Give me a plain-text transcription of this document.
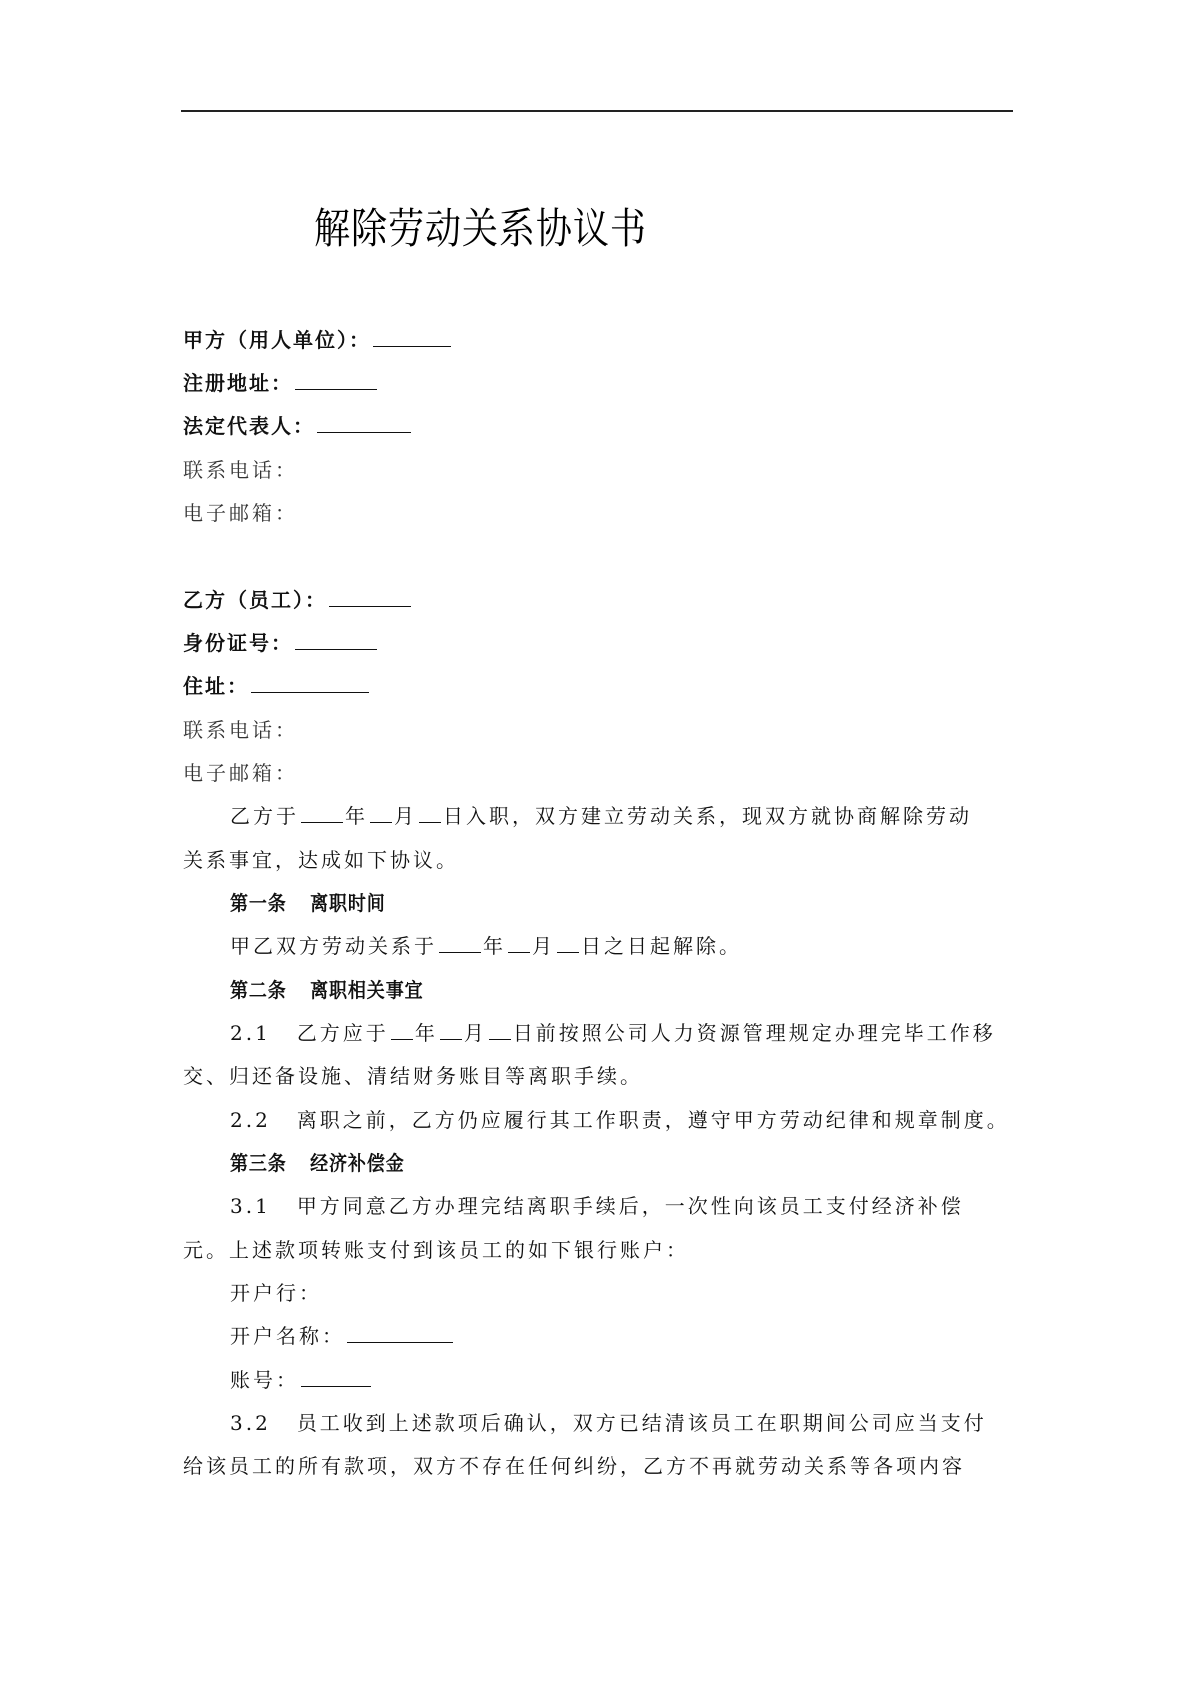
解除劳动关系协议书
甲方（用人单位）：
注册地址：
法定代表人：
联系电话：
电子邮箱：
乙方（员工）：
身份证号：
住址：
联系电话：
电子邮箱：
乙方于 年 月 日入职，双方建立劳动关系，现双方就协商解除劳动
关系事宜，达成如下协议。
第一条 离职时间
甲乙双方劳动关系于 年 月 日之日起解除。
第二条 离职相关事宜
2.1 乙方应于 年 月 日前按照公司人力资源管理规定办理完毕工作移
交、归还备设施、清结财务账目等离职手续。
2.2 离职之前，乙方仍应履行其工作职责，遵守甲方劳动纪律和规章制度。
第三条 经济补偿金
3.1 甲方同意乙方办理完结离职手续后，一次性向该员工支付经济补偿
元。上述款项转账支付到该员工的如下银行账户：
开户行：
开户名称：
账号：
3.2 员工收到上述款项后确认，双方已结清该员工在职期间公司应当支付
给该员工的所有款项，双方不存在任何纠纷，乙方不再就劳动关系等各项内容
